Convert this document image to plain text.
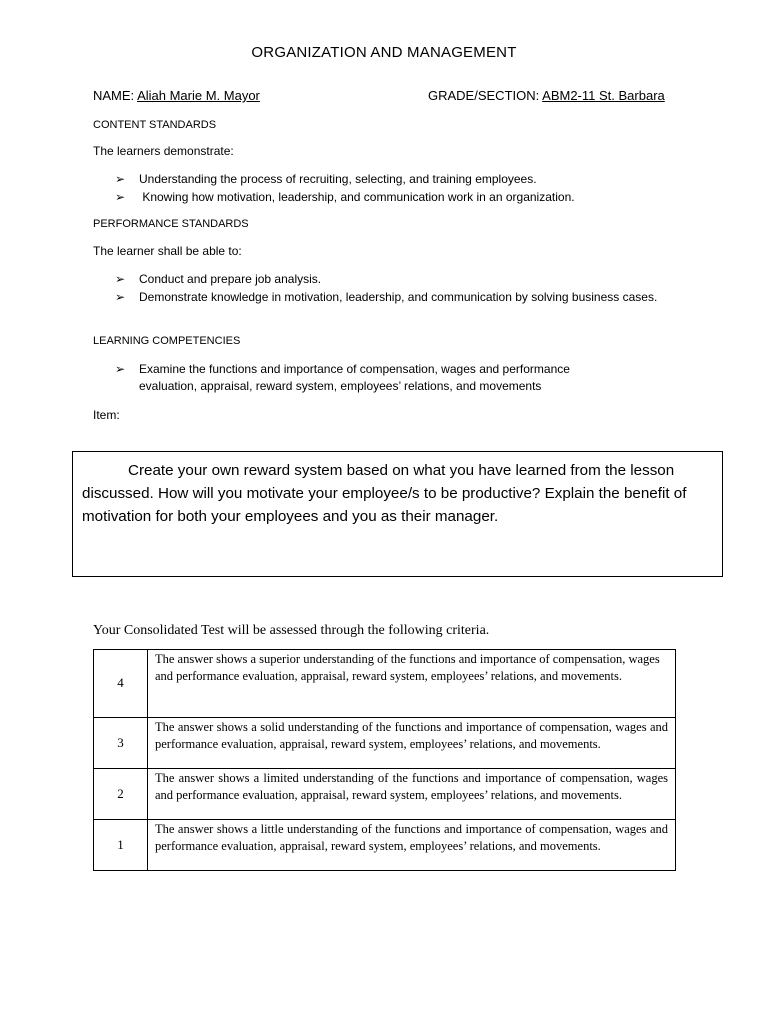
ORGANIZATION AND MANAGEMENT
NAME: Aliah Marie M. Mayor	GRADE/SECTION: ABM2-11 St. Barbara
CONTENT STANDARDS
The learners demonstrate:
➢ Understanding the process of recruiting, selecting, and training employees.
➢ Knowing how motivation, leadership, and communication work in an organization.
PERFORMANCE STANDARDS
The learner shall be able to:
➢ Conduct and prepare job analysis.
➢ Demonstrate knowledge in motivation, leadership, and communication by solving business cases.
LEARNING COMPETENCIES
➢ Examine the functions and importance of compensation, wages and performance evaluation, appraisal, reward system, employees’ relations, and movements
Item:
Create your own reward system based on what you have learned from the lesson discussed. How will you motivate your employee/s to be productive? Explain the benefit of motivation for both your employees and you as their manager.
Your Consolidated Test will be assessed through the following criteria.
4	The answer shows a superior understanding of the functions and importance of compensation, wages and performance evaluation, appraisal, reward system, employees’ relations, and movements.
3	The answer shows a solid understanding of the functions and importance of compensation, wages and performance evaluation, appraisal, reward system, employees’ relations, and movements.
2	The answer shows a limited understanding of the functions and importance of compensation, wages and performance evaluation, appraisal, reward system, employees’ relations, and movements.
1	The answer shows a little understanding of the functions and importance of compensation, wages and performance evaluation, appraisal, reward system, employees’ relations, and movements.
